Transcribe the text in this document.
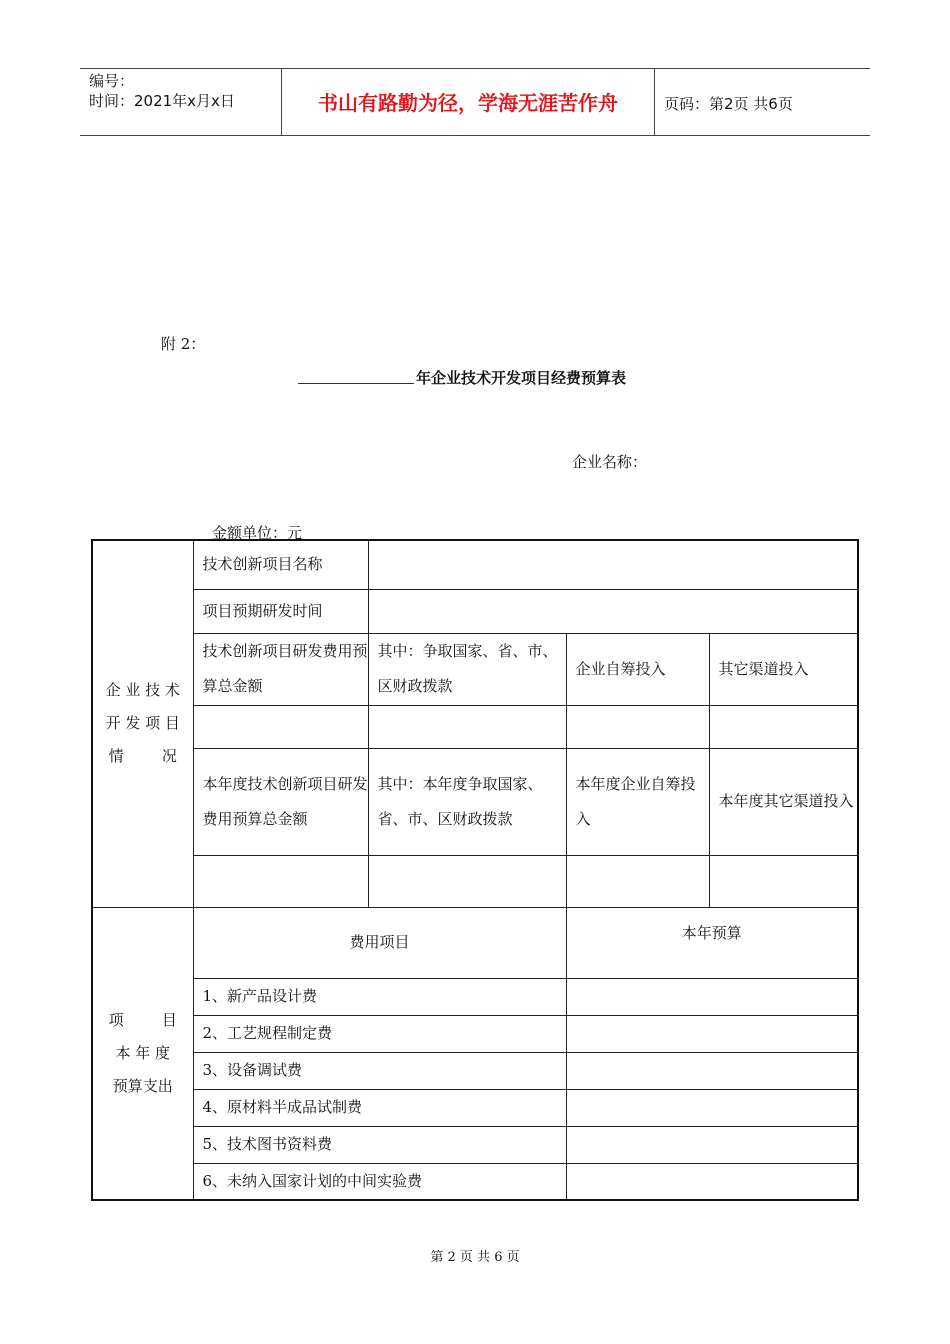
编号：
时间：2021年x月x日	书山有路勤为径，学海无涯苦作舟	页码：第2页 共6页
附 2：
年企业技术开发项目经费预算表
企业名称：
金额单位：元
企 业 技 术
开 发 项 目
情        况	技术创新项目名称			
	项目预期研发时间			
	技术创新项目研发费用预算总金额	其中：争取国家、省、市、区财政拨款	企业自筹投入	其它渠道投入

	本年度技术创新项目研发费用预算总金额	其中：本年度争取国家、省、市、区财政拨款	本年度企业自筹投入	本年度其它渠道投入

项        目
本 年 度
预算支出	费用项目		本年预算	
	1、新产品设计费			
	2、工艺规程制定费			
	3、设备调试费			
	4、原材料半成品试制费			
	5、技术图书资料费			
	6、未纳入国家计划的中间实验费			
第 2 页 共 6 页
